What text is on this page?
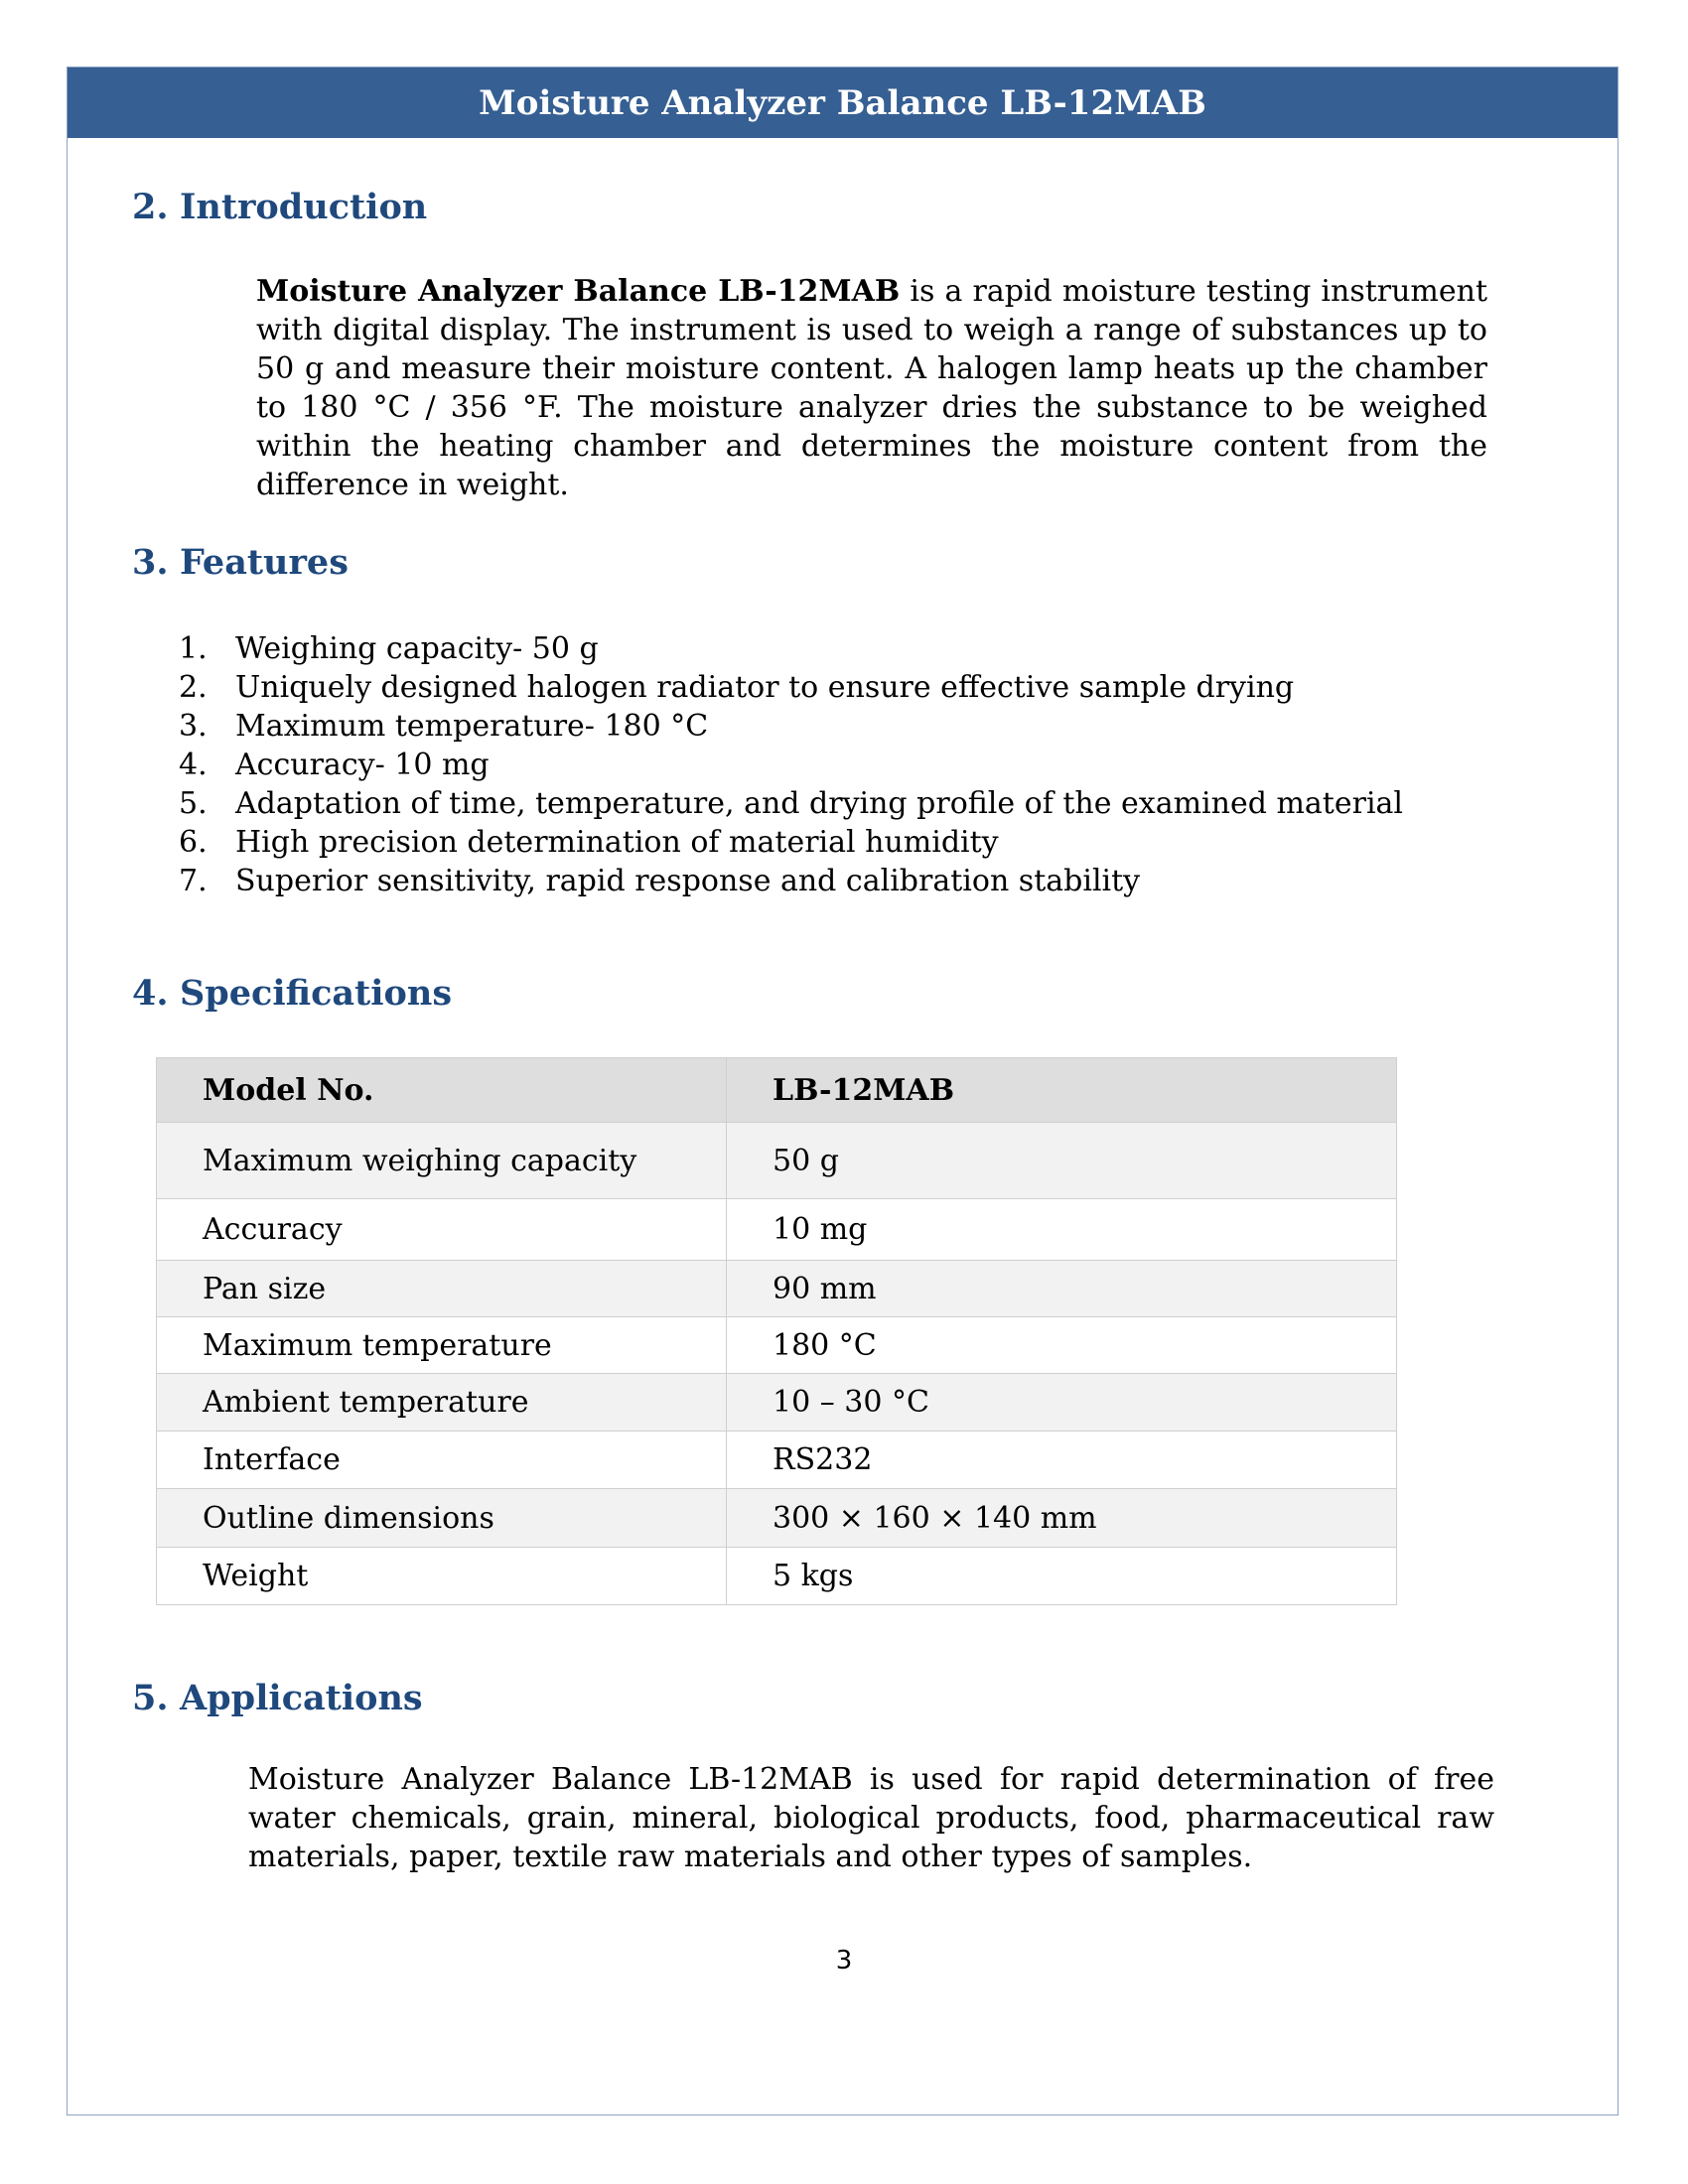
Moisture Analyzer Balance LB-12MAB
2. Introduction

Moisture Analyzer Balance LB-12MAB is a rapid moisture testing instrument with digital display. The instrument is used to weigh a range of substances up to 50 g and measure their moisture content. A halogen lamp heats up the chamber to 180 °C / 356 °F. The moisture analyzer dries the substance to be weighed within the heating chamber and determines the moisture content from the difference in weight.

3. Features
1. Weighing capacity- 50 g
2. Uniquely designed halogen radiator to ensure effective sample drying
3. Maximum temperature- 180 °C
4. Accuracy- 10 mg
5. Adaptation of time, temperature, and drying profile of the examined material
6. High precision determination of material humidity
7. Superior sensitivity, rapid response and calibration stability
4. Specifications
Model No.	LB-12MAB
Maximum weighing capacity	50 g
Accuracy	10 mg
Pan size	90 mm
Maximum temperature	180 °C
Ambient temperature	10 – 30 °C
Interface	RS232
Outline dimensions	300 × 160 × 140 mm
Weight	5 kgs
5. Applications

Moisture Analyzer Balance LB-12MAB is used for rapid determination of free water chemicals, grain, mineral, biological products, food, pharmaceutical raw materials, paper, textile raw materials and other types of samples.

3
